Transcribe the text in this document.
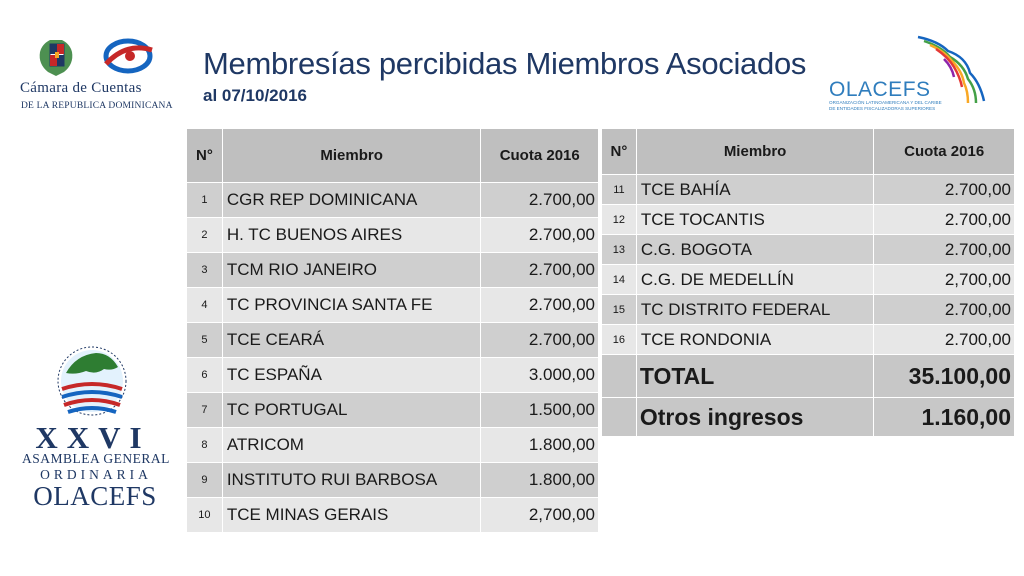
Membresías percibidas Miembros Asociados
al 07/10/2016
Cámara de Cuentas
DE LA REPUBLICA DOMINICANA
OLACEFS
ORGANIZACIÓN LATINOAMERICANA Y DEL CARIBE DE ENTIDADES FISCALIZADORAS SUPERIORES
XXVI
ASAMBLEA GENERAL
ORDINARIA
OLACEFS
N°	Miembro	Cuota 2016
1	CGR REP DOMINICANA	2.700,00
2	H. TC BUENOS AIRES	2.700,00
3	TCM RIO JANEIRO	2.700,00
4	TC PROVINCIA SANTA FE	2.700,00
5	TCE CEARÁ	2.700,00
6	TC ESPAÑA	3.000,00
7	TC PORTUGAL	1.500,00
8	ATRICOM	1.800,00
9	INSTITUTO RUI BARBOSA	1.800,00
10	TCE MINAS GERAIS	2,700,00
N°	Miembro	Cuota 2016
11	TCE BAHÍA	2.700,00
12	TCE TOCANTIS	2.700,00
13	C.G. BOGOTA	2.700,00
14	C.G. DE MEDELLÍN	2,700,00
15	TC DISTRITO FEDERAL	2.700,00
16	TCE RONDONIA	2.700,00
	TOTAL	35.100,00
	Otros ingresos	1.160,00
